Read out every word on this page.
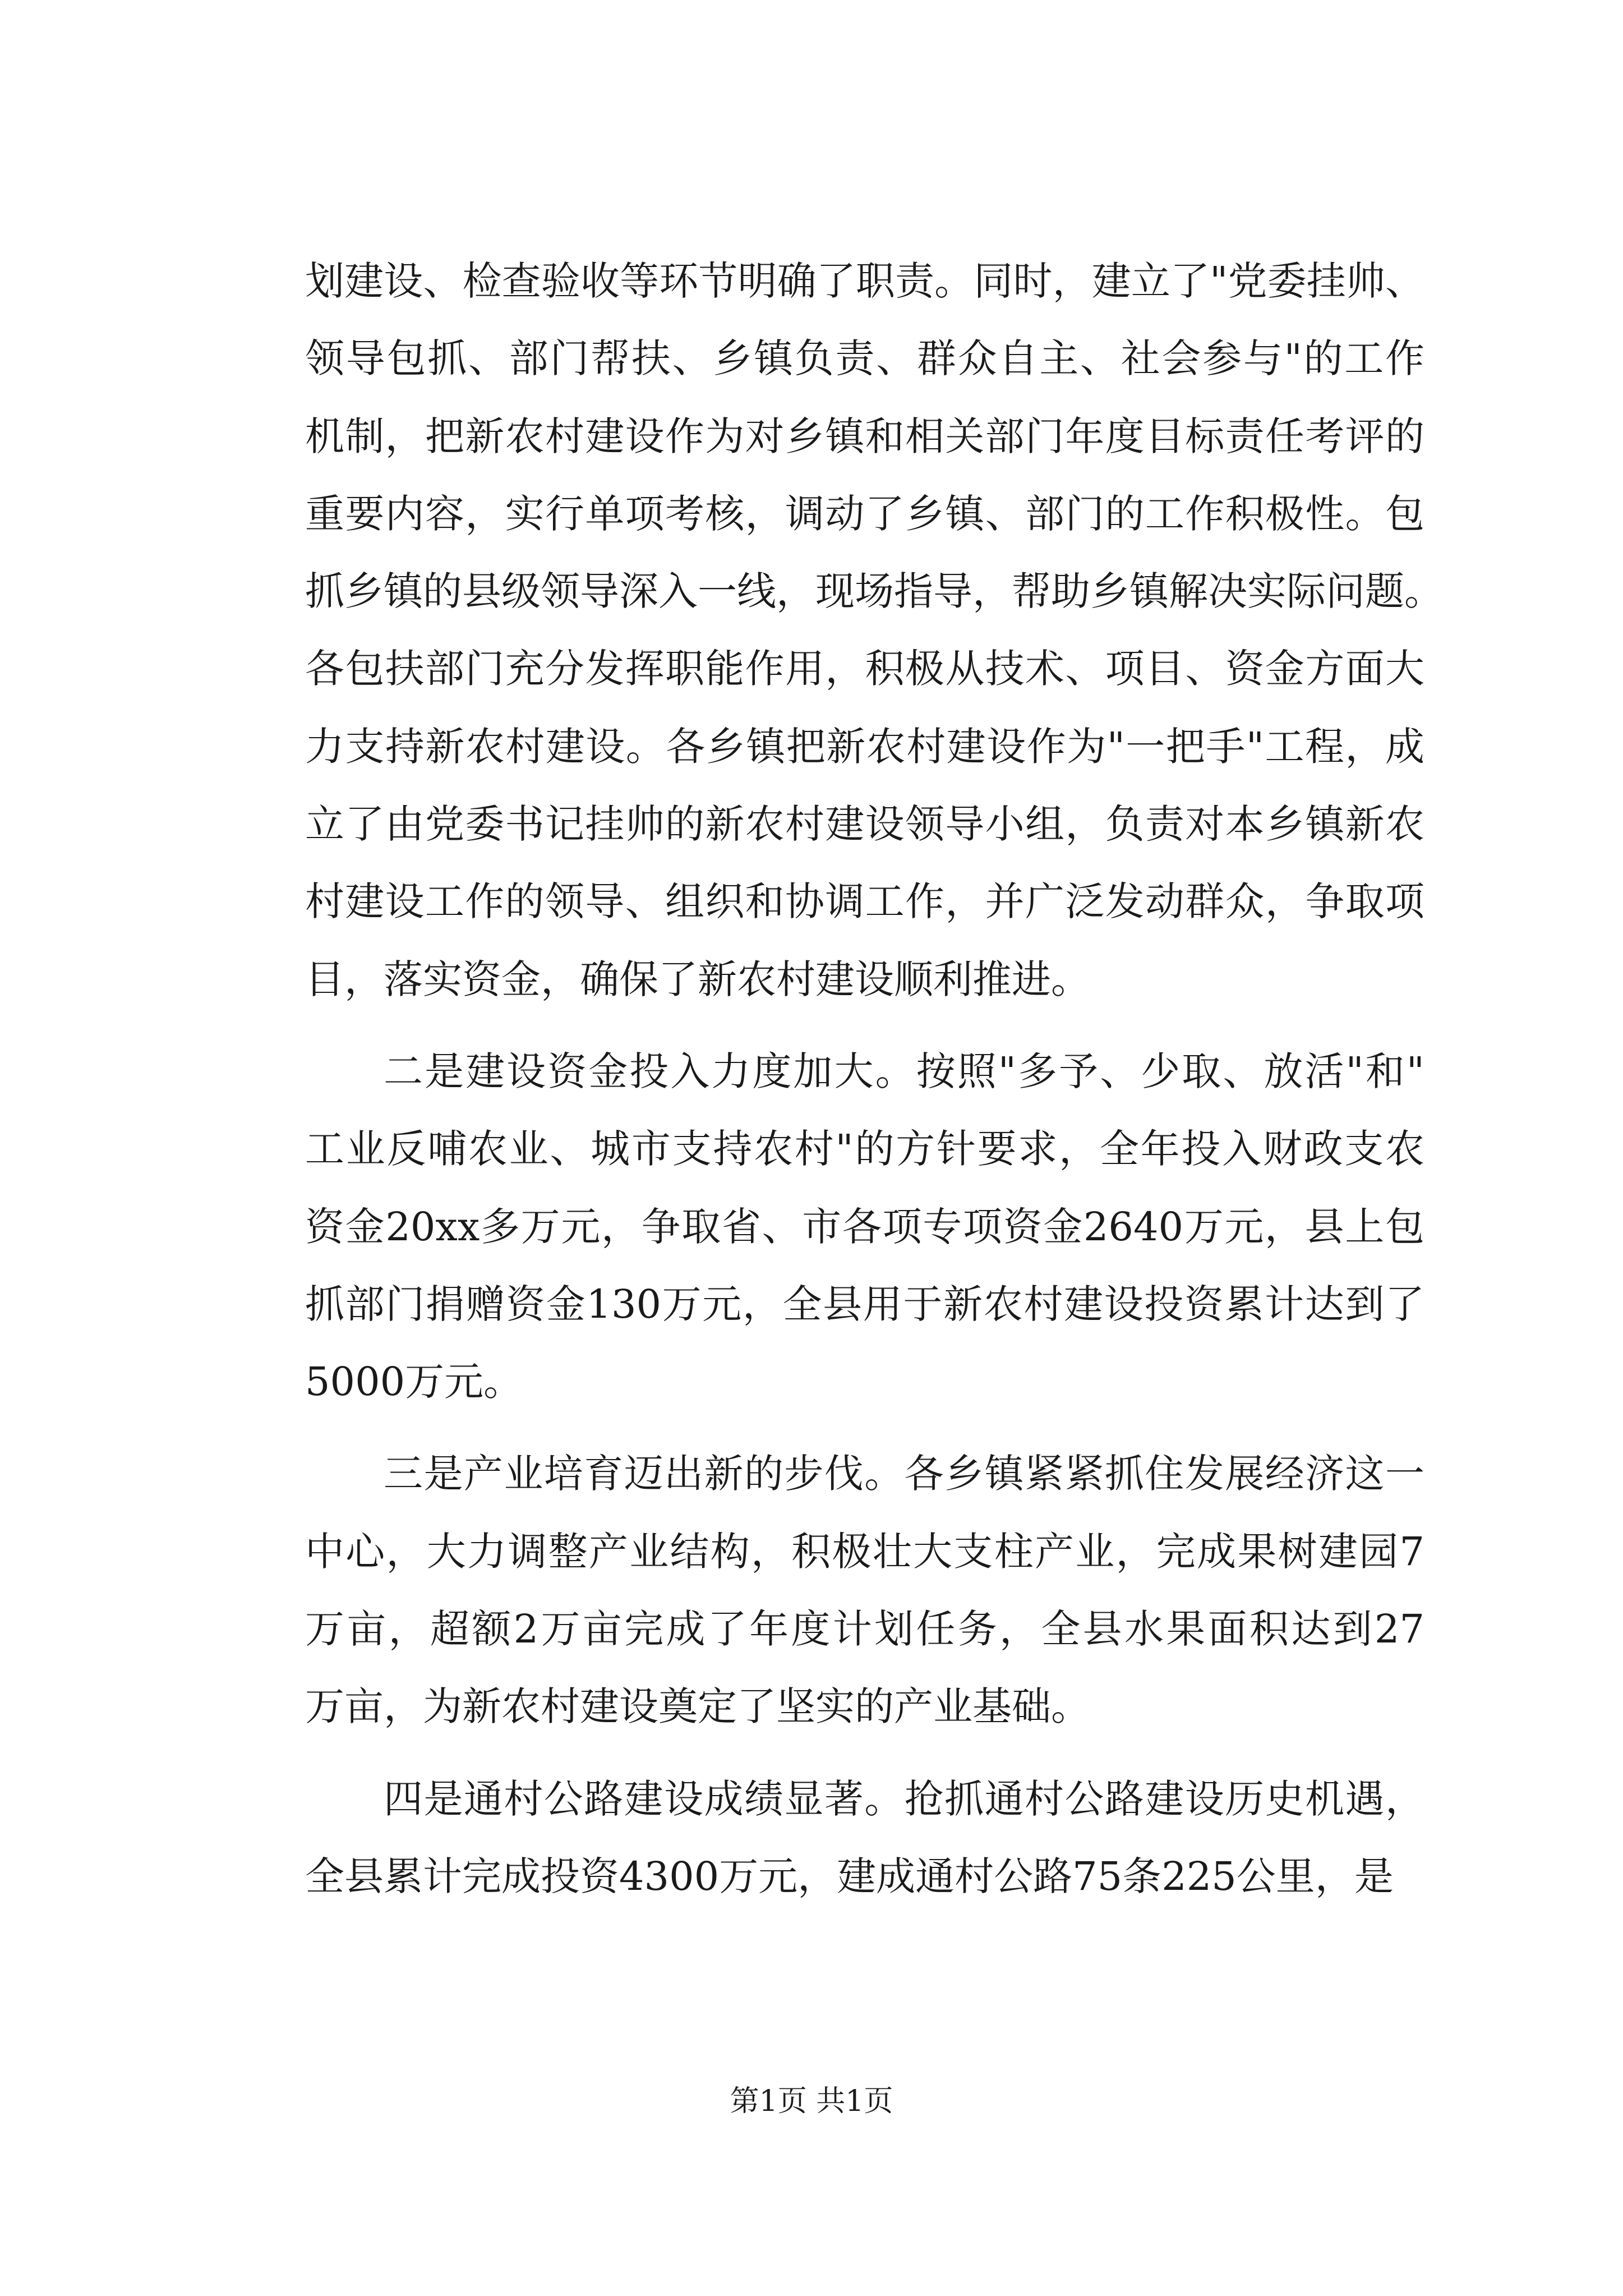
划建设、检查验收等环节明确了职责。同时，建立了"党委挂帅、
领导包抓、部门帮扶、乡镇负责、群众自主、社会参与"的工作
机制，把新农村建设作为对乡镇和相关部门年度目标责任考评的
重要内容，实行单项考核，调动了乡镇、部门的工作积极性。包
抓乡镇的县级领导深入一线，现场指导，帮助乡镇解决实际问题。
各包扶部门充分发挥职能作用，积极从技术、项目、资金方面大
力支持新农村建设。各乡镇把新农村建设作为"一把手"工程，成
立了由党委书记挂帅的新农村建设领导小组，负责对本乡镇新农
村建设工作的领导、组织和协调工作，并广泛发动群众，争取项
目，落实资金，确保了新农村建设顺利推进。
二是建设资金投入力度加大。按照"多予、少取、放活"和"
工业反哺农业、城市支持农村"的方针要求，全年投入财政支农
资金20xx多万元，争取省、市各项专项资金2640万元，县上包
抓部门捐赠资金130万元，全县用于新农村建设投资累计达到了
5000万元。
三是产业培育迈出新的步伐。各乡镇紧紧抓住发展经济这一
中心，大力调整产业结构，积极壮大支柱产业，完成果树建园7
万亩，超额2万亩完成了年度计划任务，全县水果面积达到27
万亩，为新农村建设奠定了坚实的产业基础。
四是通村公路建设成绩显著。抢抓通村公路建设历史机遇，
全县累计完成投资4300万元，建成通村公路75条225公里，是
第1页 共1页
